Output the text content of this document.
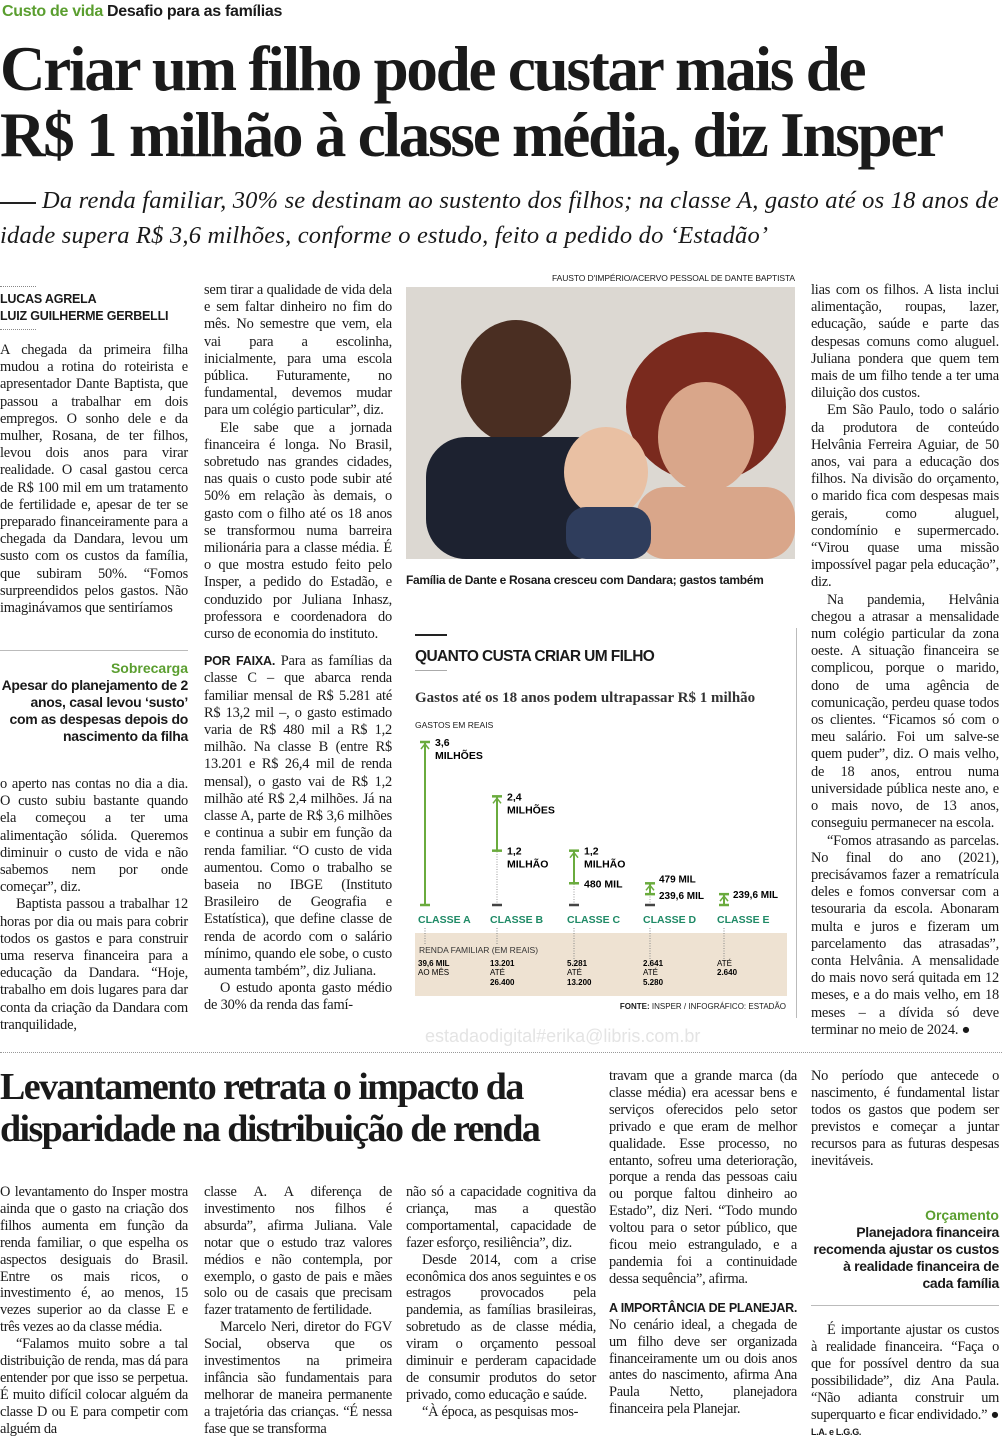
Custo de vida Desafio para as famílias
Criar um filho pode custar mais de
R$ 1 milhão à classe média, diz Insper
Da renda familiar, 30% se destinam ao sustento dos filhos; na classe A, gasto até os 18 anos de idade supera R$ 3,6 milhões, conforme o estudo, feito a pedido do ‘Estadão’
LUCAS AGRELA
LUIZ GUILHERME GERBELLI

A chegada da primeira filha mudou a rotina do roteirista e apresentador Dante Baptista, que passou a trabalhar em dois empregos. O sonho dele e da mulher, Rosana, de ter filhos, levou dois anos para virar realidade. O casal gastou cerca de R$ 100 mil em um tratamento de fertilidade e, apesar de ter se preparado financeiramente para a chegada da Dandara, levou um susto com os custos da família, que subiram 50%. “Fomos surpreendidos pelos gastos. Não imaginávamos que sentiríamos

Sobrecarga
Apesar do planejamento de 2 anos, casal levou ‘susto’ com as despesas depois do nascimento da filha

o aperto nas contas no dia a dia. O custo subiu bastante quando ela começou a ter uma alimentação sólida. Queremos diminuir o custo de vida e não sabemos nem por onde começar”, diz.

Baptista passou a trabalhar 12 horas por dia ou mais para cobrir todos os gastos e para construir uma reserva financeira para a educação da Dandara. “Hoje, trabalho em dois lugares para dar conta da criação da Dandara com tranquilidade,

sem tirar a qualidade de vida dela e sem faltar dinheiro no fim do mês. No semestre que vem, ela vai para a escolinha, inicialmente, para uma escola pública. Futuramente, no fundamental, devemos mudar para um colégio particular”, diz.

Ele sabe que a jornada financeira é longa. No Brasil, sobretudo nas grandes cidades, nas quais o custo pode subir até 50% em relação às demais, o gasto com o filho até os 18 anos se transformou numa barreira milionária para a classe média. É o que mostra estudo feito pelo Insper, a pedido do Estadão, e conduzido por Juliana Inhasz, professora e coordenadora do curso de economia do instituto.

POR FAIXA. Para as famílias da classe C – que abarca renda familiar mensal de R$ 5.281 até R$ 13,2 mil –, o gasto estimado varia de R$ 480 mil a R$ 1,2 milhão. Na classe B (entre R$ 13.201 e R$ 26,4 mil de renda mensal), o gasto vai de R$ 1,2 milhão até R$ 2,4 milhões. Já na classe A, parte de R$ 3,6 milhões e continua a subir em função da renda familiar. “O custo de vida aumentou. Como o trabalho se baseia no IBGE (Instituto Brasileiro de Geografia e Estatística), que define classe de renda de acordo com o salário mínimo, quando ele sobe, o custo aumenta também”, diz Juliana.

O estudo aponta gasto médio de 30% da renda das famí-

FAUSTO D'IMPÉRIO/ACERVO PESSOAL DE DANTE BAPTISTA
Família de Dante e Rosana cresceu com Dandara; gastos também
QUANTO CUSTA CRIAR UM FILHO
Gastos até os 18 anos podem ultrapassar R$ 1 milhão
GASTOS EM REAIS
RENDA FAMILIAR (EM REAIS)
3,6
MILHÕES
CLASSE A
39,6 MIL
AO MÊS
2,4
MILHÕES
1,2
MILHÃO
CLASSE B
13.201
ATÉ
26.400
1,2
MILHÃO
480 MIL
CLASSE C
5.281
ATÉ
13.200
479 MIL
239,6 MIL
CLASSE D
2.641
ATÉ
5.280
239,6 MIL
CLASSE E
ATÉ
2.640
FONTE: INSPER / INFOGRÁFICO: ESTADÃO

lias com os filhos. A lista inclui alimentação, roupas, lazer, educação, saúde e parte das despesas comuns como aluguel. Juliana pondera que quem tem mais de um filho tende a ter uma diluição dos custos.

Em São Paulo, todo o salário da produtora de conteúdo Helvânia Ferreira Aguiar, de 50 anos, vai para a educação dos filhos. Na divisão do orçamento, o marido fica com despesas mais gerais, como aluguel, condomínio e supermercado. “Virou quase uma missão impossível pagar pela educação”, diz.

Na pandemia, Helvânia chegou a atrasar a mensalidade num colégio particular da zona oeste. A situação financeira se complicou, porque o marido, dono de uma agência de comunicação, perdeu quase todos os clientes. “Ficamos só com o meu salário. Foi um salve-se quem puder”, diz. O mais velho, de 18 anos, entrou numa universidade pública neste ano, e o mais novo, de 13 anos, conseguiu permanecer na escola.

“Fomos atrasando as parcelas. No final do ano (2021), precisávamos fazer a rematrícula deles e fomos conversar com a tesouraria da escola. Abonaram multa e juros e fizeram um parcelamento das atrasadas”, conta Helvânia. A mensalidade do mais novo será quitada em 12 meses, e a do mais velho, em 18 meses – a dívida só deve terminar no meio de 2024. ●

estadaodigital#erika@libris.com.br
Levantamento retrata o impacto da disparidade na distribuição de renda

O levantamento do Insper mostra ainda que o gasto na criação dos filhos aumenta em função da renda familiar, o que espelha os aspectos desiguais do Brasil. Entre os mais ricos, o investimento é, ao menos, 15 vezes superior ao da classe E e três vezes ao da classe média.

“Falamos muito sobre a tal distribuição de renda, mas dá para entender por que isso se perpetua. É muito difícil colocar alguém da classe D ou E para competir com alguém da

classe A. A diferença de investimento nos filhos é absurda”, afirma Juliana. Vale notar que o estudo traz valores médios e não contempla, por exemplo, o gasto de pais e mães solo ou de casais que precisam fazer tratamento de fertilidade.

Marcelo Neri, diretor do FGV Social, observa que os investimentos na primeira infância são fundamentais para melhorar de maneira permanente a trajetória das crianças. “É nessa fase que se transforma

não só a capacidade cognitiva da criança, mas a questão comportamental, capacidade de fazer esforço, resiliência”, diz.

Desde 2014, com a crise econômica dos anos seguintes e os estragos provocados pela pandemia, as famílias brasileiras, sobretudo as de classe média, viram o orçamento pessoal diminuir e perderam capacidade de consumir produtos do setor privado, como educação e saúde.

“À época, as pesquisas mos-

travam que a grande marca (da classe média) era acessar bens e serviços oferecidos pelo setor privado e que eram de melhor qualidade. Esse processo, no entanto, sofreu uma deterioração, porque a renda das pessoas caiu ou porque faltou dinheiro ao Estado”, diz Neri. “Todo mundo voltou para o setor público, que ficou meio estrangulado, e a pandemia foi a continuidade dessa sequência”, afirma.

A IMPORTÂNCIA DE PLANEJAR. No cenário ideal, a chegada de um filho deve ser organizada financeiramente um ou dois anos antes do nascimento, afirma Ana Paula Netto, planejadora financeira pela Planejar.

No período que antecede o nascimento, é fundamental listar todos os gastos que podem ser previstos e começar a juntar recursos para as futuras despesas inevitáveis.

Orçamento
Planejadora financeira recomenda ajustar os custos à realidade financeira de cada família

É importante ajustar os custos à realidade financeira. “Faça o que for possível dentro da sua possibilidade”, diz Ana Paula. “Não adianta construir um superquarto e ficar endividado.” ● L.A. e L.G.G.
